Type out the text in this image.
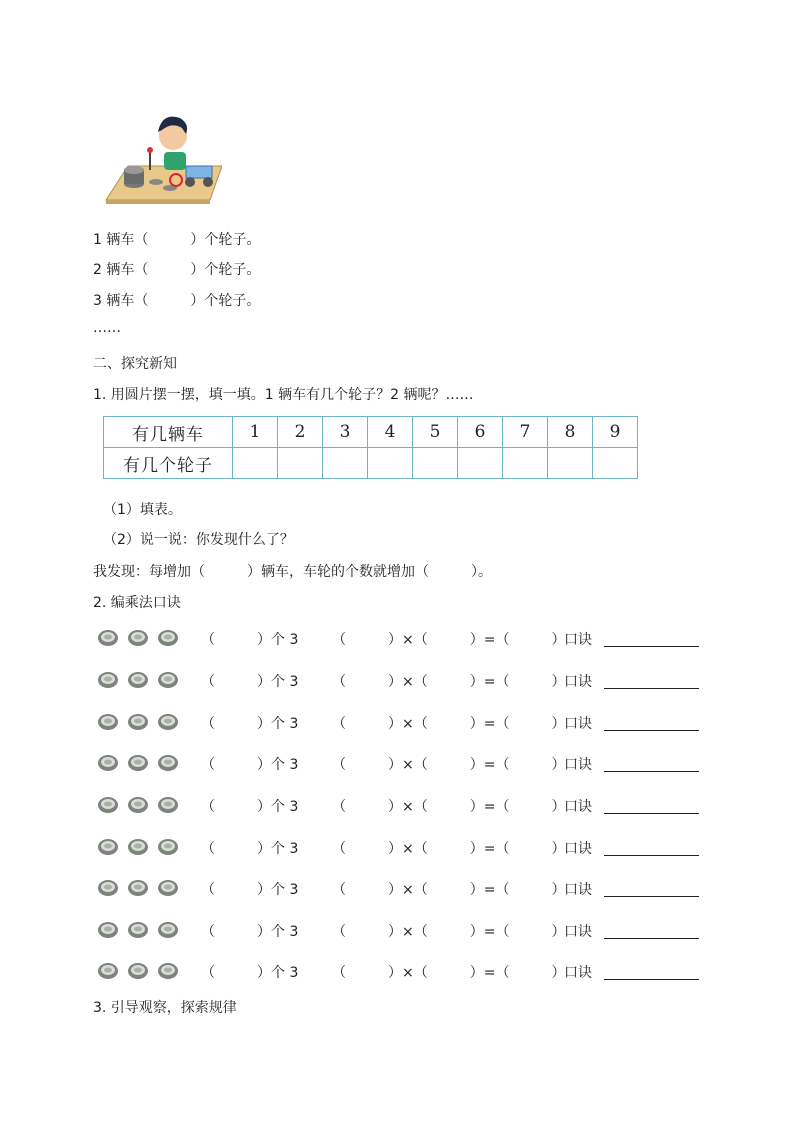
1 辆车（　　　）个轮子。
2 辆车（　　　）个轮子。
3 辆车（　　　）个轮子。
……
二、探究新知
1. 用圆片摆一摆，填一填。1 辆车有几个轮子？2 辆呢？……
有几辆车	1	2	3	4	5	6	7	8	9
有几个轮子									
（1）填表。
（2）说一说：你发现什么了？
我发现：每增加（　　　）辆车，车轮的个数就增加（　　　）。
2. 编乘法口诀
（　　　）个 3 （　　　）×（　　　）=（　　　）
口诀
（　　　）个 3 （　　　）×（　　　）=（　　　）
口诀
（　　　）个 3 （　　　）×（　　　）=（　　　）
口诀
（　　　）个 3 （　　　）×（　　　）=（　　　）
口诀
（　　　）个 3 （　　　）×（　　　）=（　　　）
口诀
（　　　）个 3 （　　　）×（　　　）=（　　　）
口诀
（　　　）个 3 （　　　）×（　　　）=（　　　）
口诀
（　　　）个 3 （　　　）×（　　　）=（　　　）
口诀
（　　　）个 3 （　　　）×（　　　）=（　　　）
口诀
3. 引导观察，探索规律
